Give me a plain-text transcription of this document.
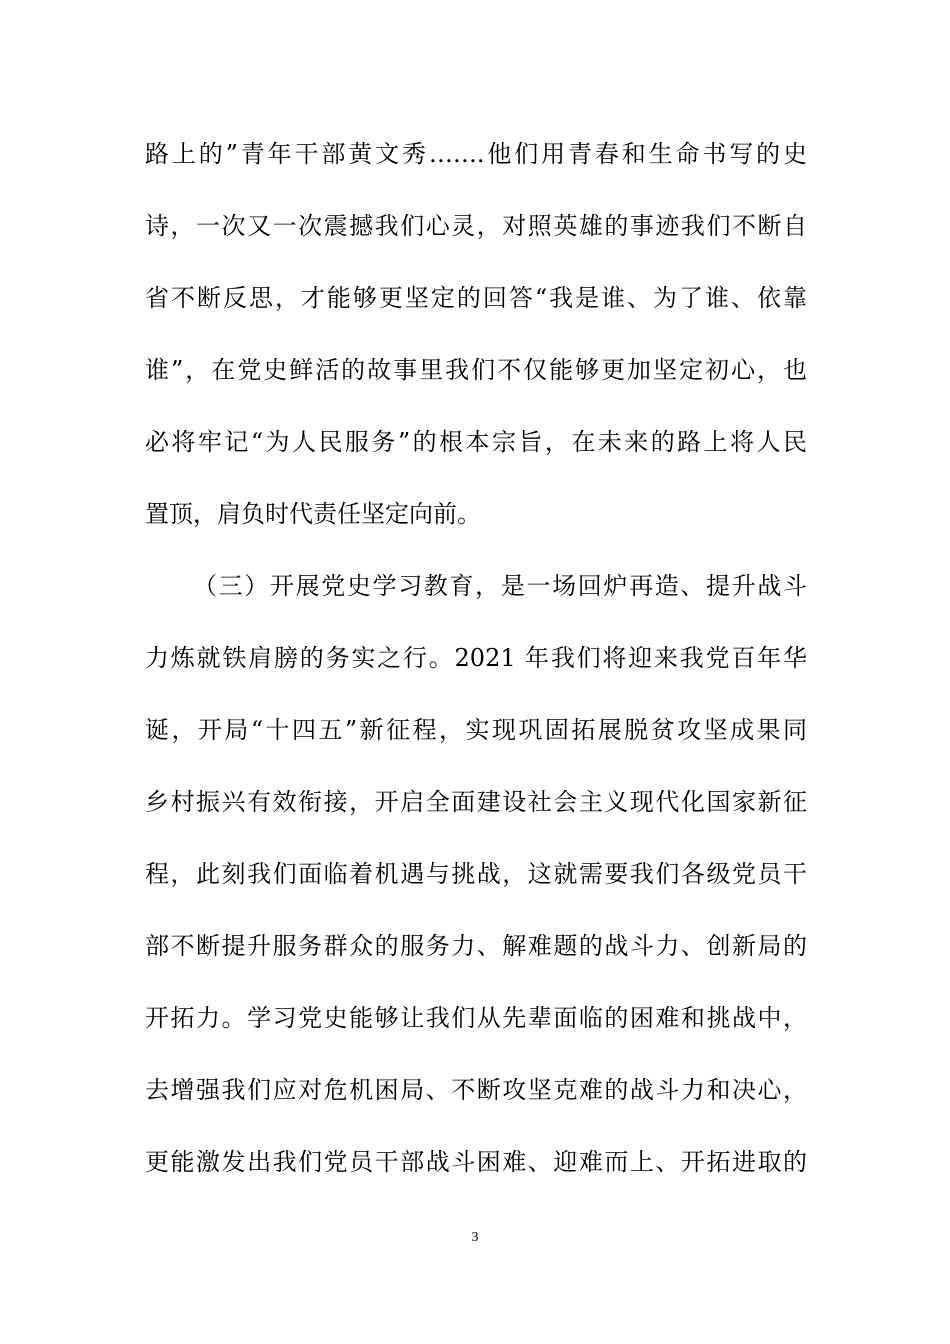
路上的”青年干部黄文秀…….他们用青春和生命书写的史
诗，一次又一次震撼我们心灵，对照英雄的事迹我们不断自
省不断反思，才能够更坚定的回答“我是谁、为了谁、依靠
谁”，在党史鲜活的故事里我们不仅能够更加坚定初心，也
必将牢记“为人民服务”的根本宗旨，在未来的路上将人民
置顶，肩负时代责任坚定向前。
（三）开展党史学习教育，是一场回炉再造、提升战斗
力炼就铁肩膀的务实之行。2021 年我们将迎来我党百年华
诞，开局“十四五”新征程，实现巩固拓展脱贫攻坚成果同
乡村振兴有效衔接，开启全面建设社会主义现代化国家新征
程，此刻我们面临着机遇与挑战，这就需要我们各级党员干
部不断提升服务群众的服务力、解难题的战斗力、创新局的
开拓力。学习党史能够让我们从先辈面临的困难和挑战中，
去增强我们应对危机困局、不断攻坚克难的战斗力和决心，
更能激发出我们党员干部战斗困难、迎难而上、开拓进取的
3
